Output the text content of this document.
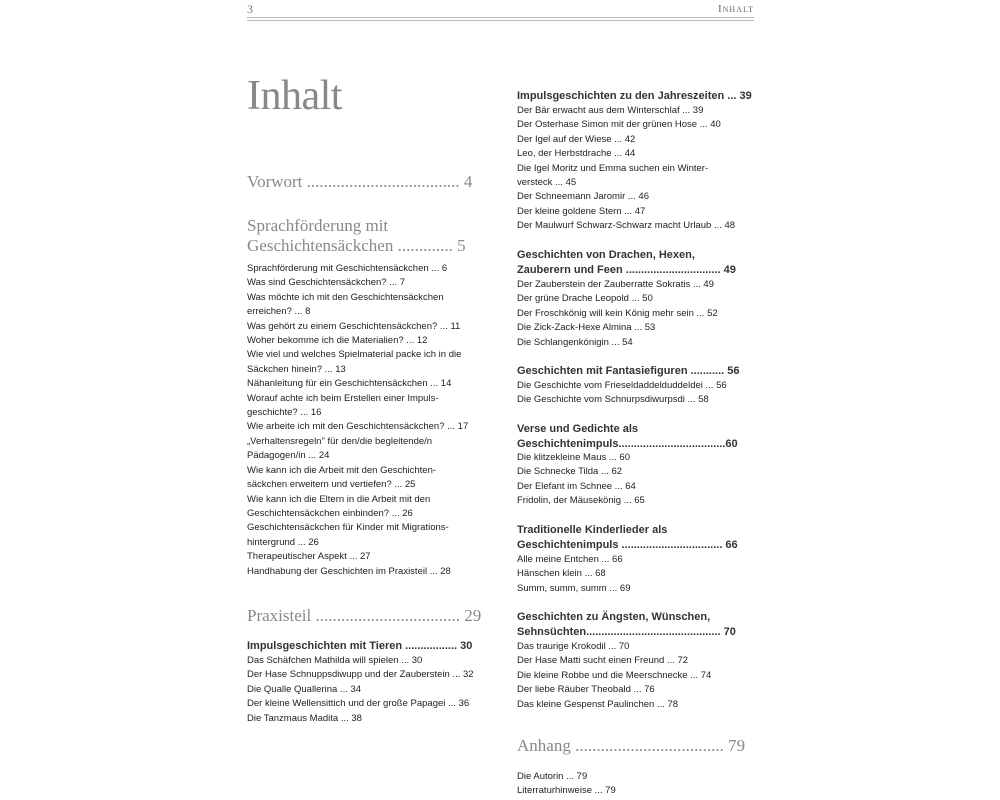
3	Inhalt
Inhalt
Vorwort .................................... 4
Sprachförderung mit
Geschichtensäckchen ............. 5
Sprachförderung mit Geschichtensäckchen ... 6
Was sind Geschichtensäckchen? ... 7
Was möchte ich mit den Geschichtensäckchen
erreichen? ... 8
Was gehört zu einem Geschichtensäckchen? ... 11
Woher bekomme ich die Materialien? ... 12
Wie viel und welches Spielmaterial packe ich in die
Säckchen hinein? ... 13
Nähanleitung für ein Geschichtensäckchen ... 14
Worauf achte ich beim Erstellen einer Impuls-
geschichte? ... 16
Wie arbeite ich mit den Geschichtensäckchen? ... 17
„Verhaltensregeln" für den/die begleitende/n
Pädagogen/in ... 24
Wie kann ich die Arbeit mit den Geschichten-
säckchen erweitern und vertiefen? ... 25
Wie kann ich die Eltern in die Arbeit mit den
Geschichtensäckchen einbinden? ... 26
Geschichtensäckchen für Kinder mit Migrations-
hintergrund ... 26
Therapeutischer Aspekt ... 27
Handhabung der Geschichten im Praxisteil ... 28
Praxisteil .................................. 29
Impulsgeschichten mit Tieren ................. 30
Das Schäfchen Mathilda will spielen ... 30
Der Hase Schnuppsdiwupp und der Zauberstein ... 32
Die Qualle Quallerina ... 34
Der kleine Wellensittich und der große Papagei ... 36
Die Tanzmaus Madita ... 38
Impulsgeschichten zu den Jahreszeiten ... 39
Der Bär erwacht aus dem Winterschlaf ... 39
Der Osterhase Simon mit der grünen Hose ... 40
Der Igel auf der Wiese ... 42
Leo, der Herbstdrache ... 44
Die Igel Moritz und Emma suchen ein Winter-
versteck ... 45
Der Schneemann Jaromir ... 46
Der kleine goldene Stern ... 47
Der Maulwurf Schwarz-Schwarz macht Urlaub ... 48
Geschichten von Drachen, Hexen,
Zauberern und Feen ............................... 49
Der Zauberstein der Zauberratte Sokratis ... 49
Der grüne Drache Leopold ... 50
Der Froschkönig will kein König mehr sein ... 52
Die Zick-Zack-Hexe Almina ... 53
Die Schlangenkönigin ... 54
Geschichten mit Fantasiefiguren ........... 56
Die Geschichte vom Frieseldaddelduddeldei ... 56
Die Geschichte vom Schnurpsdiwurpsdi ... 58
Verse und Gedichte als
Geschichtenimpuls...................................60
Die klitzekleine Maus ... 60
Die Schnecke Tilda ... 62
Der Elefant im Schnee ... 64
Fridolin, der Mäusekönig ... 65
Traditionelle Kinderlieder als
Geschichtenimpuls ................................. 66
Alle meine Entchen ... 66
Hänschen klein ... 68
Summ, summ, summ ... 69
Geschichten zu Ängsten, Wünschen,
Sehnsüchten............................................ 70
Das traurige Krokodil ... 70
Der Hase Matti sucht einen Freund ... 72
Die kleine Robbe und die Meerschnecke ... 74
Der liebe Räuber Theobald ... 76
Das kleine Gespenst Paulinchen ... 78
Anhang ................................... 79
Die Autorin ... 79
Literraturhinweise ... 79
